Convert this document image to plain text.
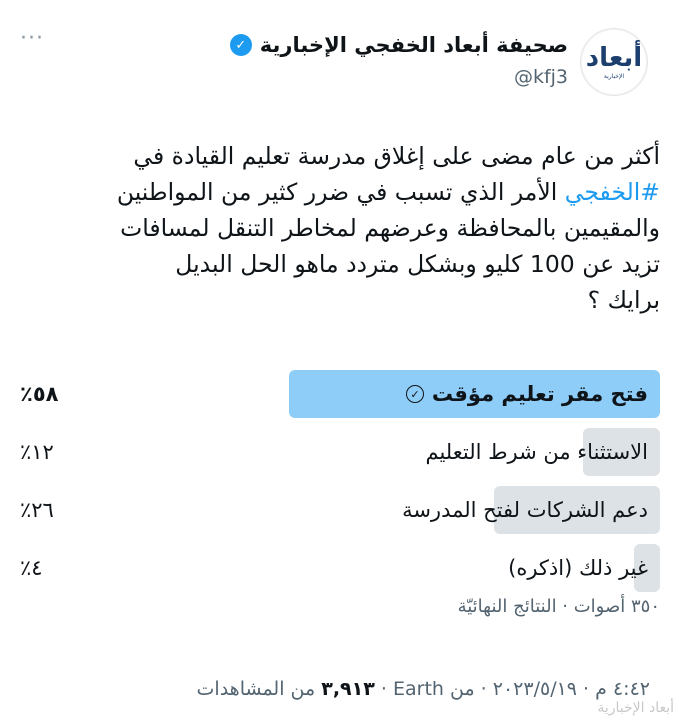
أبعاد
الإخبارية
صحيفة أبعاد الخفجي الإخبارية
✓
@kfj3
···
أكثر من عام مضى على إغلاق مدرسة تعليم القيادة في
#الخفجي الأمر الذي تسبب في ضرر كثير من المواطنين
والمقيمين بالمحافظة وعرضهم لمخاطر التنقل لمسافات
تزيد عن 100 كليو وبشكل متردد ماهو الحل البديل
برايك ؟
فتح مقر تعليم مؤقت
✓
٥٨٪
الاستثناء من شرط التعليم
١٢٪
دعم الشركات لفتح المدرسة
٢٦٪
غير ذلك (اذكره)
٤٪
٣٥٠ أصوات · النتائج النهائيّة
٤:٤٢ م · ٢٠٢٣/٥/١٩ · من Earth · ٣,٩١٣ من المشاهدات
أبعاد الإخبارية
